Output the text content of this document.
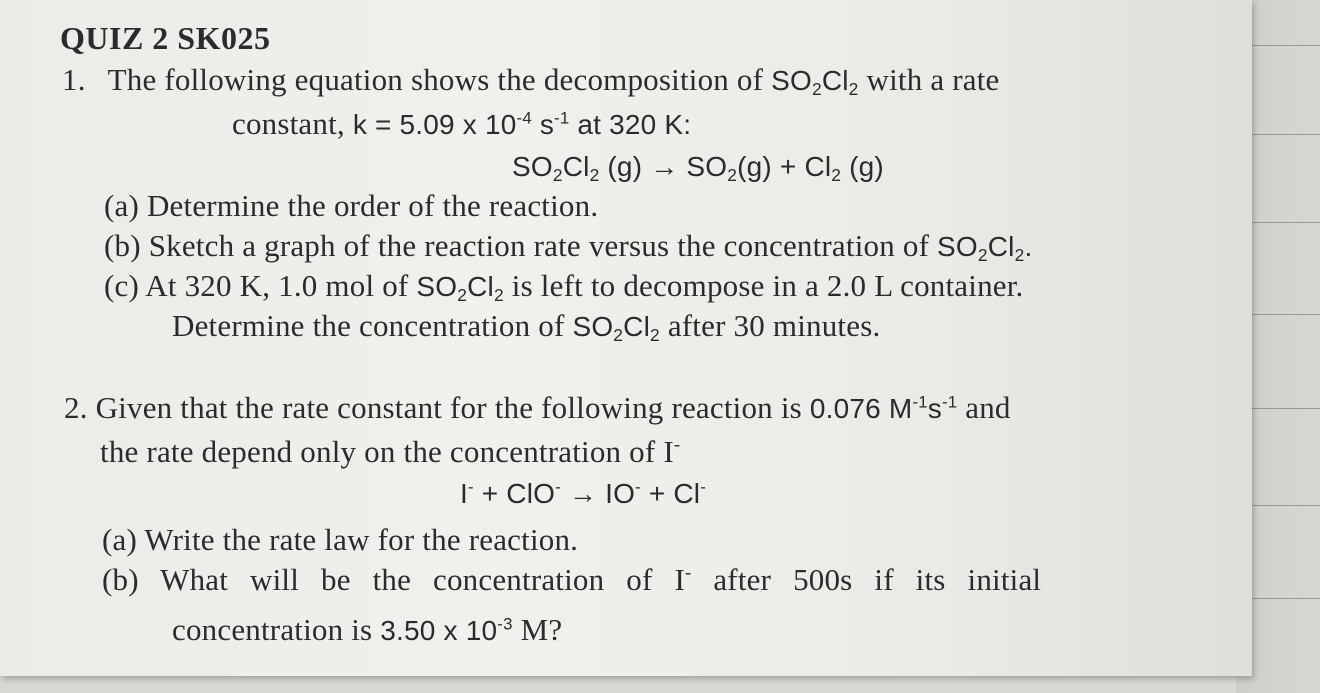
QUIZ 2 SK025
1. The following equation shows the decomposition of $SO_2Cl_2$ with a rate
constant, k = 5.09 x $10^{-4}$ $s^{-1}$ at 320 K:
$SO_2Cl_2$ $(g) \to SO_2(g) + Cl_2$ (g)
(a) Determine the order of the reaction.
(b) Sketch a graph of the reaction rate versus the concentration of $SO_2Cl_2$.
(c) At 320 K, 1.0 mol of $SO_2Cl_2$ is left to decompose in a 2.0 L container.
Determine the concentration of $SO_2Cl_2$ after 30 minutes.
2. Given that the rate constant for the following reaction is 0.076 $M^{-1}s^{-1}$ and
the rate depend only on the concentration of I-
I- + ClO- → IO- + Cl-
(a) Write the rate law for the reaction.
(b) What will be the concentration of I- after 500s if its initial
concentration is 3.50 x $10^{-3}$ M?
